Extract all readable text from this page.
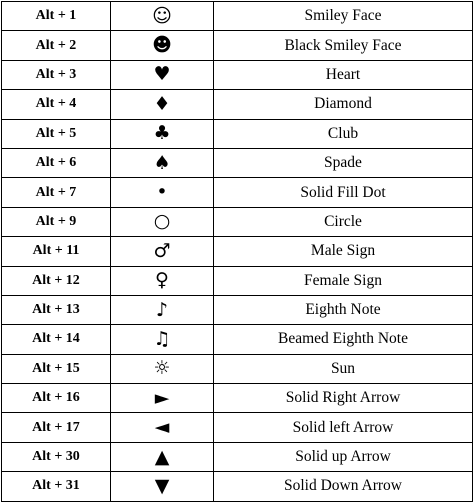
Alt + 1	☺	Smiley Face
Alt + 2	☻	Black Smiley Face
Alt + 3	♥	Heart
Alt + 4	♦	Diamond
Alt + 5	♣	Club
Alt + 6	♠	Spade
Alt + 7	•	Solid Fill Dot
Alt + 9	○	Circle
Alt + 11	♂	Male Sign
Alt + 12	♀	Female Sign
Alt + 13	♪	Eighth Note
Alt + 14	♫	Beamed Eighth Note
Alt + 15	☼	Sun
Alt + 16	►	Solid Right Arrow
Alt + 17	◄	Solid left Arrow
Alt + 30	▲	Solid up Arrow
Alt + 31	▼	Solid Down Arrow
